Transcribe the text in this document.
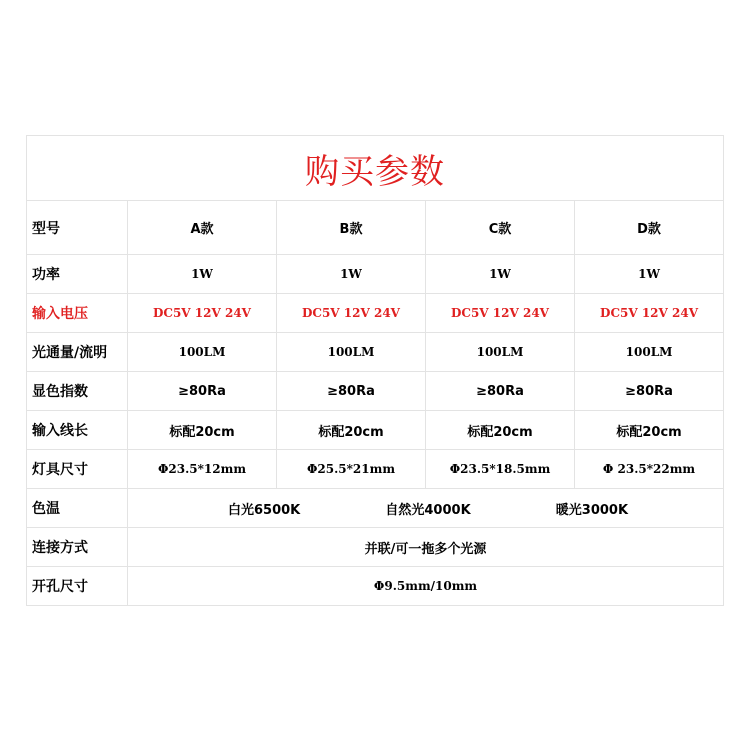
购买参数				
型号	A款	B款	C款	D款
功率	1W	1W	1W	1W
输入电压	DC5V 12V 24V	DC5V 12V 24V	DC5V 12V 24V	DC5V 12V 24V
光通量/流明	100LM	100LM	100LM	100LM
显色指数	≥80Ra	≥80Ra	≥80Ra	≥80Ra
输入线长	标配20cm	标配20cm	标配20cm	标配20cm
灯具尺寸	Φ23.5*12mm	Φ25.5*21mm	Φ23.5*18.5mm	Φ 23.5*22mm
色温	白光6500K 自然光4000K 暖光3000K			

连接方式	并联/可一拖多个光源			
开孔尺寸	Φ9.5mm/10mm			
